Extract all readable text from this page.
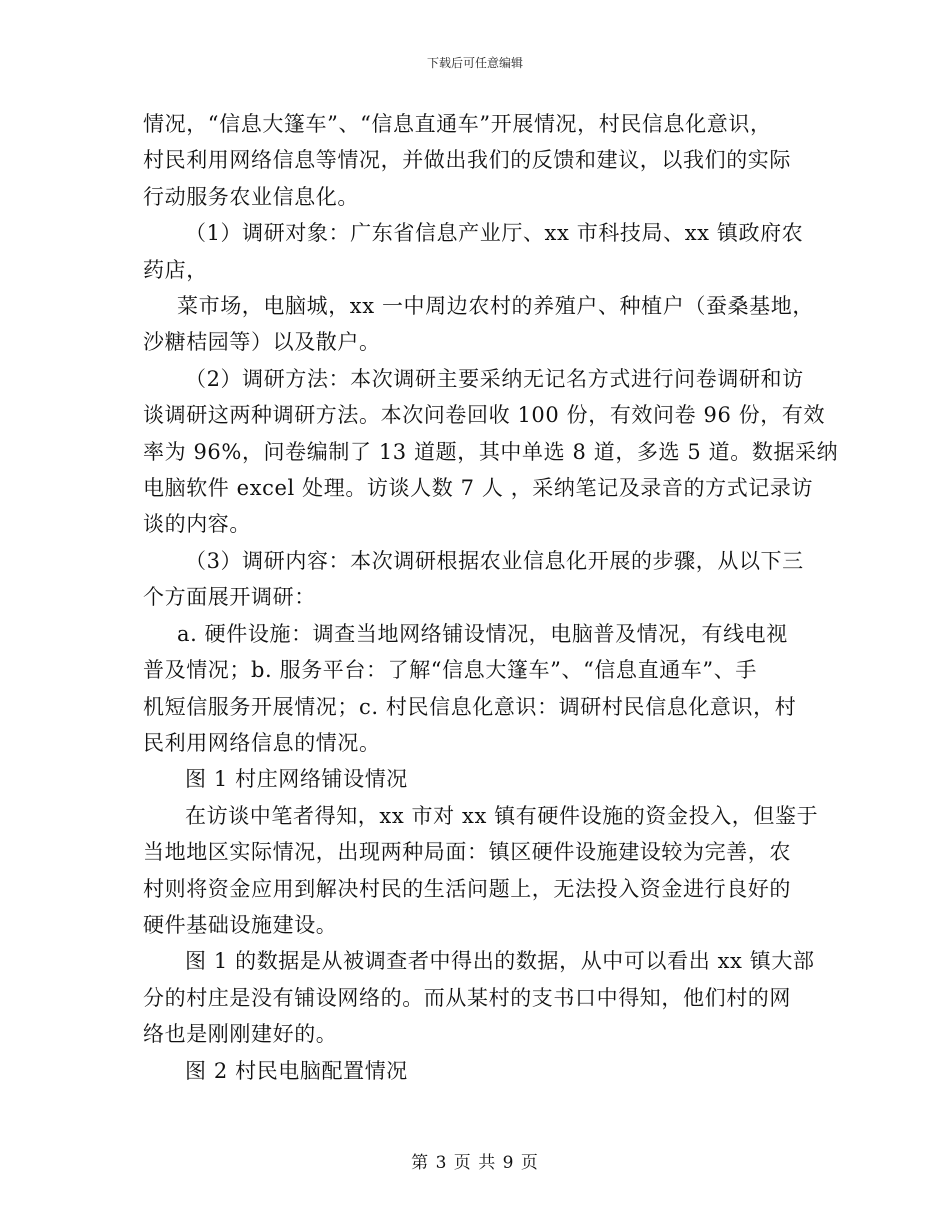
下载后可任意编辑

情况，“信息大篷车”、“信息直通车”开展情况，村民信息化意识，

村民利用网络信息等情况，并做出我们的反馈和建议，以我们的实际

行动服务农业信息化。

（1）调研对象：广东省信息产业厅、xx 市科技局、xx 镇政府农

药店，

菜市场，电脑城，xx 一中周边农村的养殖户、种植户（蚕桑基地，

沙糖桔园等）以及散户。

（2）调研方法：本次调研主要采纳无记名方式进行问卷调研和访

谈调研这两种调研方法。本次问卷回收 100 份，有效问卷 96 份，有效

率为 96%，问卷编制了 13 道题，其中单选 8 道，多选 5 道。数据采纳

电脑软件 excel 处理。访谈人数 7 人 ，采纳笔记及录音的方式记录访

谈的内容。

（3）调研内容：本次调研根据农业信息化开展的步骤，从以下三

个方面展开调研：

a. 硬件设施：调查当地网络铺设情况，电脑普及情况，有线电视

普及情况；b. 服务平台：了解“信息大篷车”、“信息直通车”、手

机短信服务开展情况；c. 村民信息化意识：调研村民信息化意识，村

民利用网络信息的情况。

图 1 村庄网络铺设情况

在访谈中笔者得知，xx 市对 xx 镇有硬件设施的资金投入，但鉴于

当地地区实际情况，出现两种局面：镇区硬件设施建设较为完善，农

村则将资金应用到解决村民的生活问题上，无法投入资金进行良好的

硬件基础设施建设。

图 1 的数据是从被调查者中得出的数据，从中可以看出 xx 镇大部

分的村庄是没有铺设网络的。而从某村的支书口中得知，他们村的网

络也是刚刚建好的。

图 2 村民电脑配置情况

第 3 页 共 9 页
